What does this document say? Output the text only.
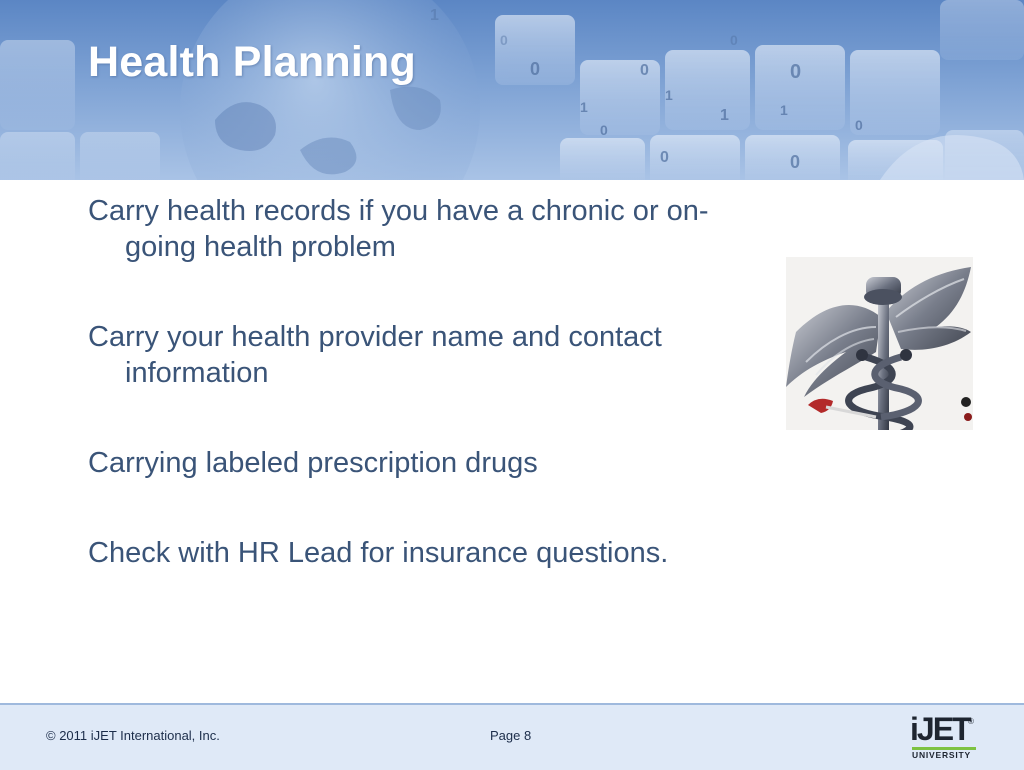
0	0
1
0
1	1
1
0
0	0
0
1
0	0
Health Planning
Carry health records if you have a chronic or on-going health problem
Carry your health provider name and contact information
Carrying labeled prescription drugs
Check with HR Lead for insurance questions.
© 2011 iJET International, Inc.	Page 8	iJET
®
UNIVERSITY
